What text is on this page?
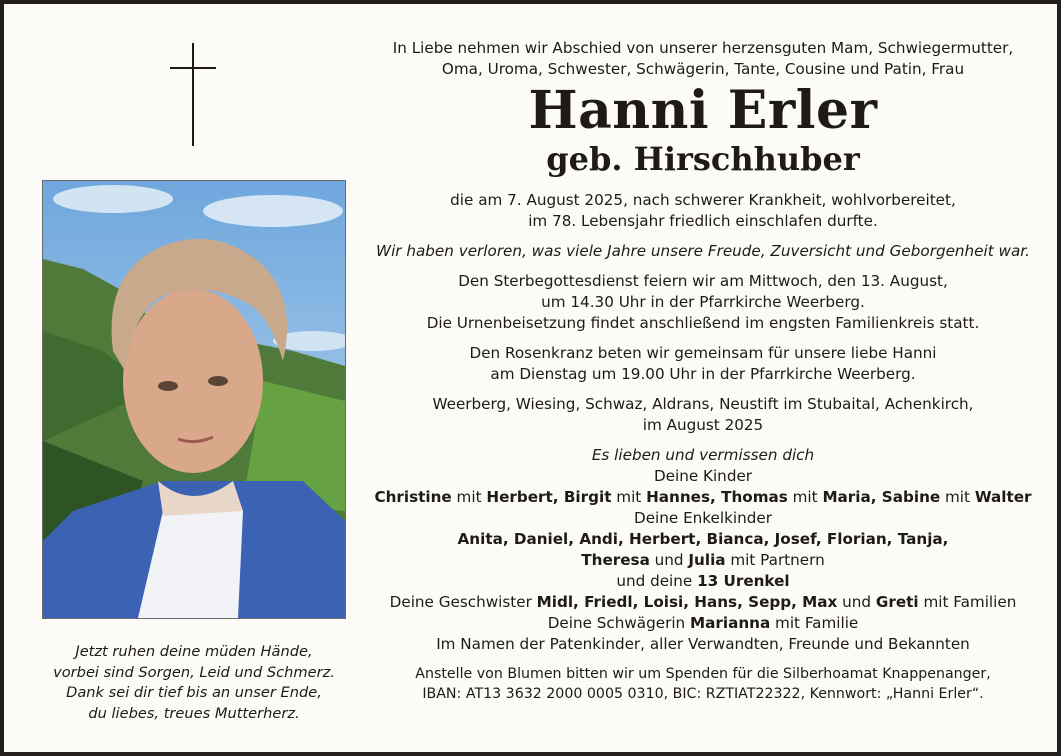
Jetzt ruhen deine müden Hände,
vorbei sind Sorgen, Leid und Schmerz.
Dank sei dir tief bis an unser Ende,
du liebes, treues Mutterherz.
In Liebe nehmen wir Abschied von unserer herzensguten Mam, Schwiegermutter,
Oma, Uroma, Schwester, Schwägerin, Tante, Cousine und Patin, Frau
Hanni Erler
geb. Hirschhuber
die am 7. August 2025, nach schwerer Krankheit, wohlvorbereitet,
im 78. Lebensjahr friedlich einschlafen durfte.
Wir haben verloren, was viele Jahre unsere Freude, Zuversicht und Geborgenheit war.
Den Sterbegottesdienst feiern wir am Mittwoch, den 13. August,
um 14.30 Uhr in der Pfarrkirche Weerberg.
Die Urnenbeisetzung findet anschließend im engsten Familienkreis statt.
Den Rosenkranz beten wir gemeinsam für unsere liebe Hanni
am Dienstag um 19.00 Uhr in der Pfarrkirche Weerberg.
Weerberg, Wiesing, Schwaz, Aldrans, Neustift im Stubaital, Achenkirch,
im August 2025
Es lieben und vermissen dich
Deine Kinder
Christine mit Herbert, Birgit mit Hannes, Thomas mit Maria, Sabine mit Walter
Deine Enkelkinder
Anita, Daniel, Andi, Herbert, Bianca, Josef, Florian, Tanja,
Theresa und Julia mit Partnern
und deine 13 Urenkel
Deine Geschwister Midl, Friedl, Loisi, Hans, Sepp, Max und Greti mit Familien
Deine Schwägerin Marianna mit Familie
Im Namen der Patenkinder, aller Verwandten, Freunde und Bekannten
Anstelle von Blumen bitten wir um Spenden für die Silberhoamat Knappenanger,
IBAN: AT13 3632 2000 0005 0310, BIC: RZTIAT22322, Kennwort: „Hanni Erler“.
